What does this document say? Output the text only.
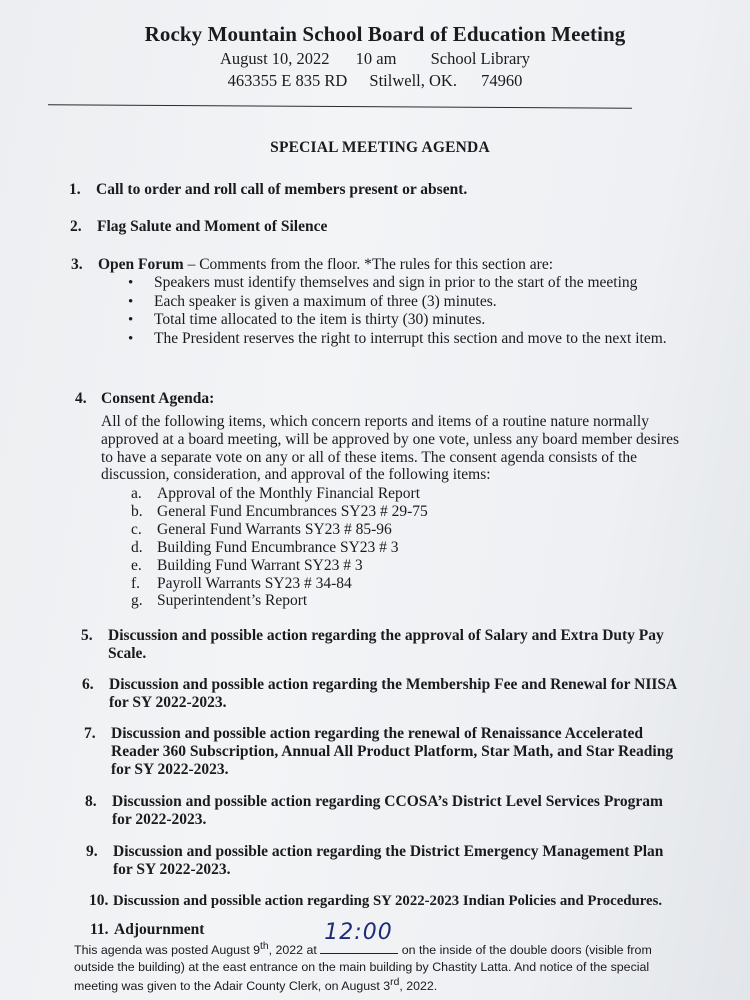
Rocky Mountain School Board of Education Meeting
August 10, 2022 10 am School Library
463355 E 835 RD Stilwell, OK. 74960
SPECIAL MEETING AGENDA
1. Call to order and roll call of members present or absent.
2. Flag Salute and Moment of Silence
3. Open Forum – Comments from the floor. *The rules for this section are:
• Speakers must identify themselves and sign in prior to the start of the meeting
• Each speaker is given a maximum of three (3) minutes.
• Total time allocated to the item is thirty (30) minutes.
• The President reserves the right to interrupt this section and move to the next item.
4. Consent Agenda:
All of the following items, which concern reports and items of a routine nature normally approved at a board meeting, will be approved by one vote, unless any board member desires to have a separate vote on any or all of these items. The consent agenda consists of the discussion, consideration, and approval of the following items:
a. Approval of the Monthly Financial Report
b. General Fund Encumbrances SY23 # 29-75
c. General Fund Warrants SY23 # 85-96
d. Building Fund Encumbrance SY23 # 3
e. Building Fund Warrant SY23 # 3
f. Payroll Warrants SY23 # 34-84
g. Superintendent’s Report
5. Discussion and possible action regarding the approval of Salary and Extra Duty Pay Scale.
6. Discussion and possible action regarding the Membership Fee and Renewal for NIISA for SY 2022-2023.
7. Discussion and possible action regarding the renewal of Renaissance Accelerated Reader 360 Subscription, Annual All Product Platform, Star Math, and Star Reading for SY 2022-2023.
8. Discussion and possible action regarding CCOSA’s District Level Services Program for 2022-2023.
9. Discussion and possible action regarding the District Emergency Management Plan for SY 2022-2023.
10. Discussion and possible action regarding SY 2022-2023 Indian Policies and Procedures.
11. Adjournment
This agenda was posted August 9th, 2022 at
12:00
on the inside of the double doors (visible from outside the building) at the east entrance on the main building by Chastity Latta. And notice of the special meeting was given to the Adair County Clerk, on August 3rd, 2022.
